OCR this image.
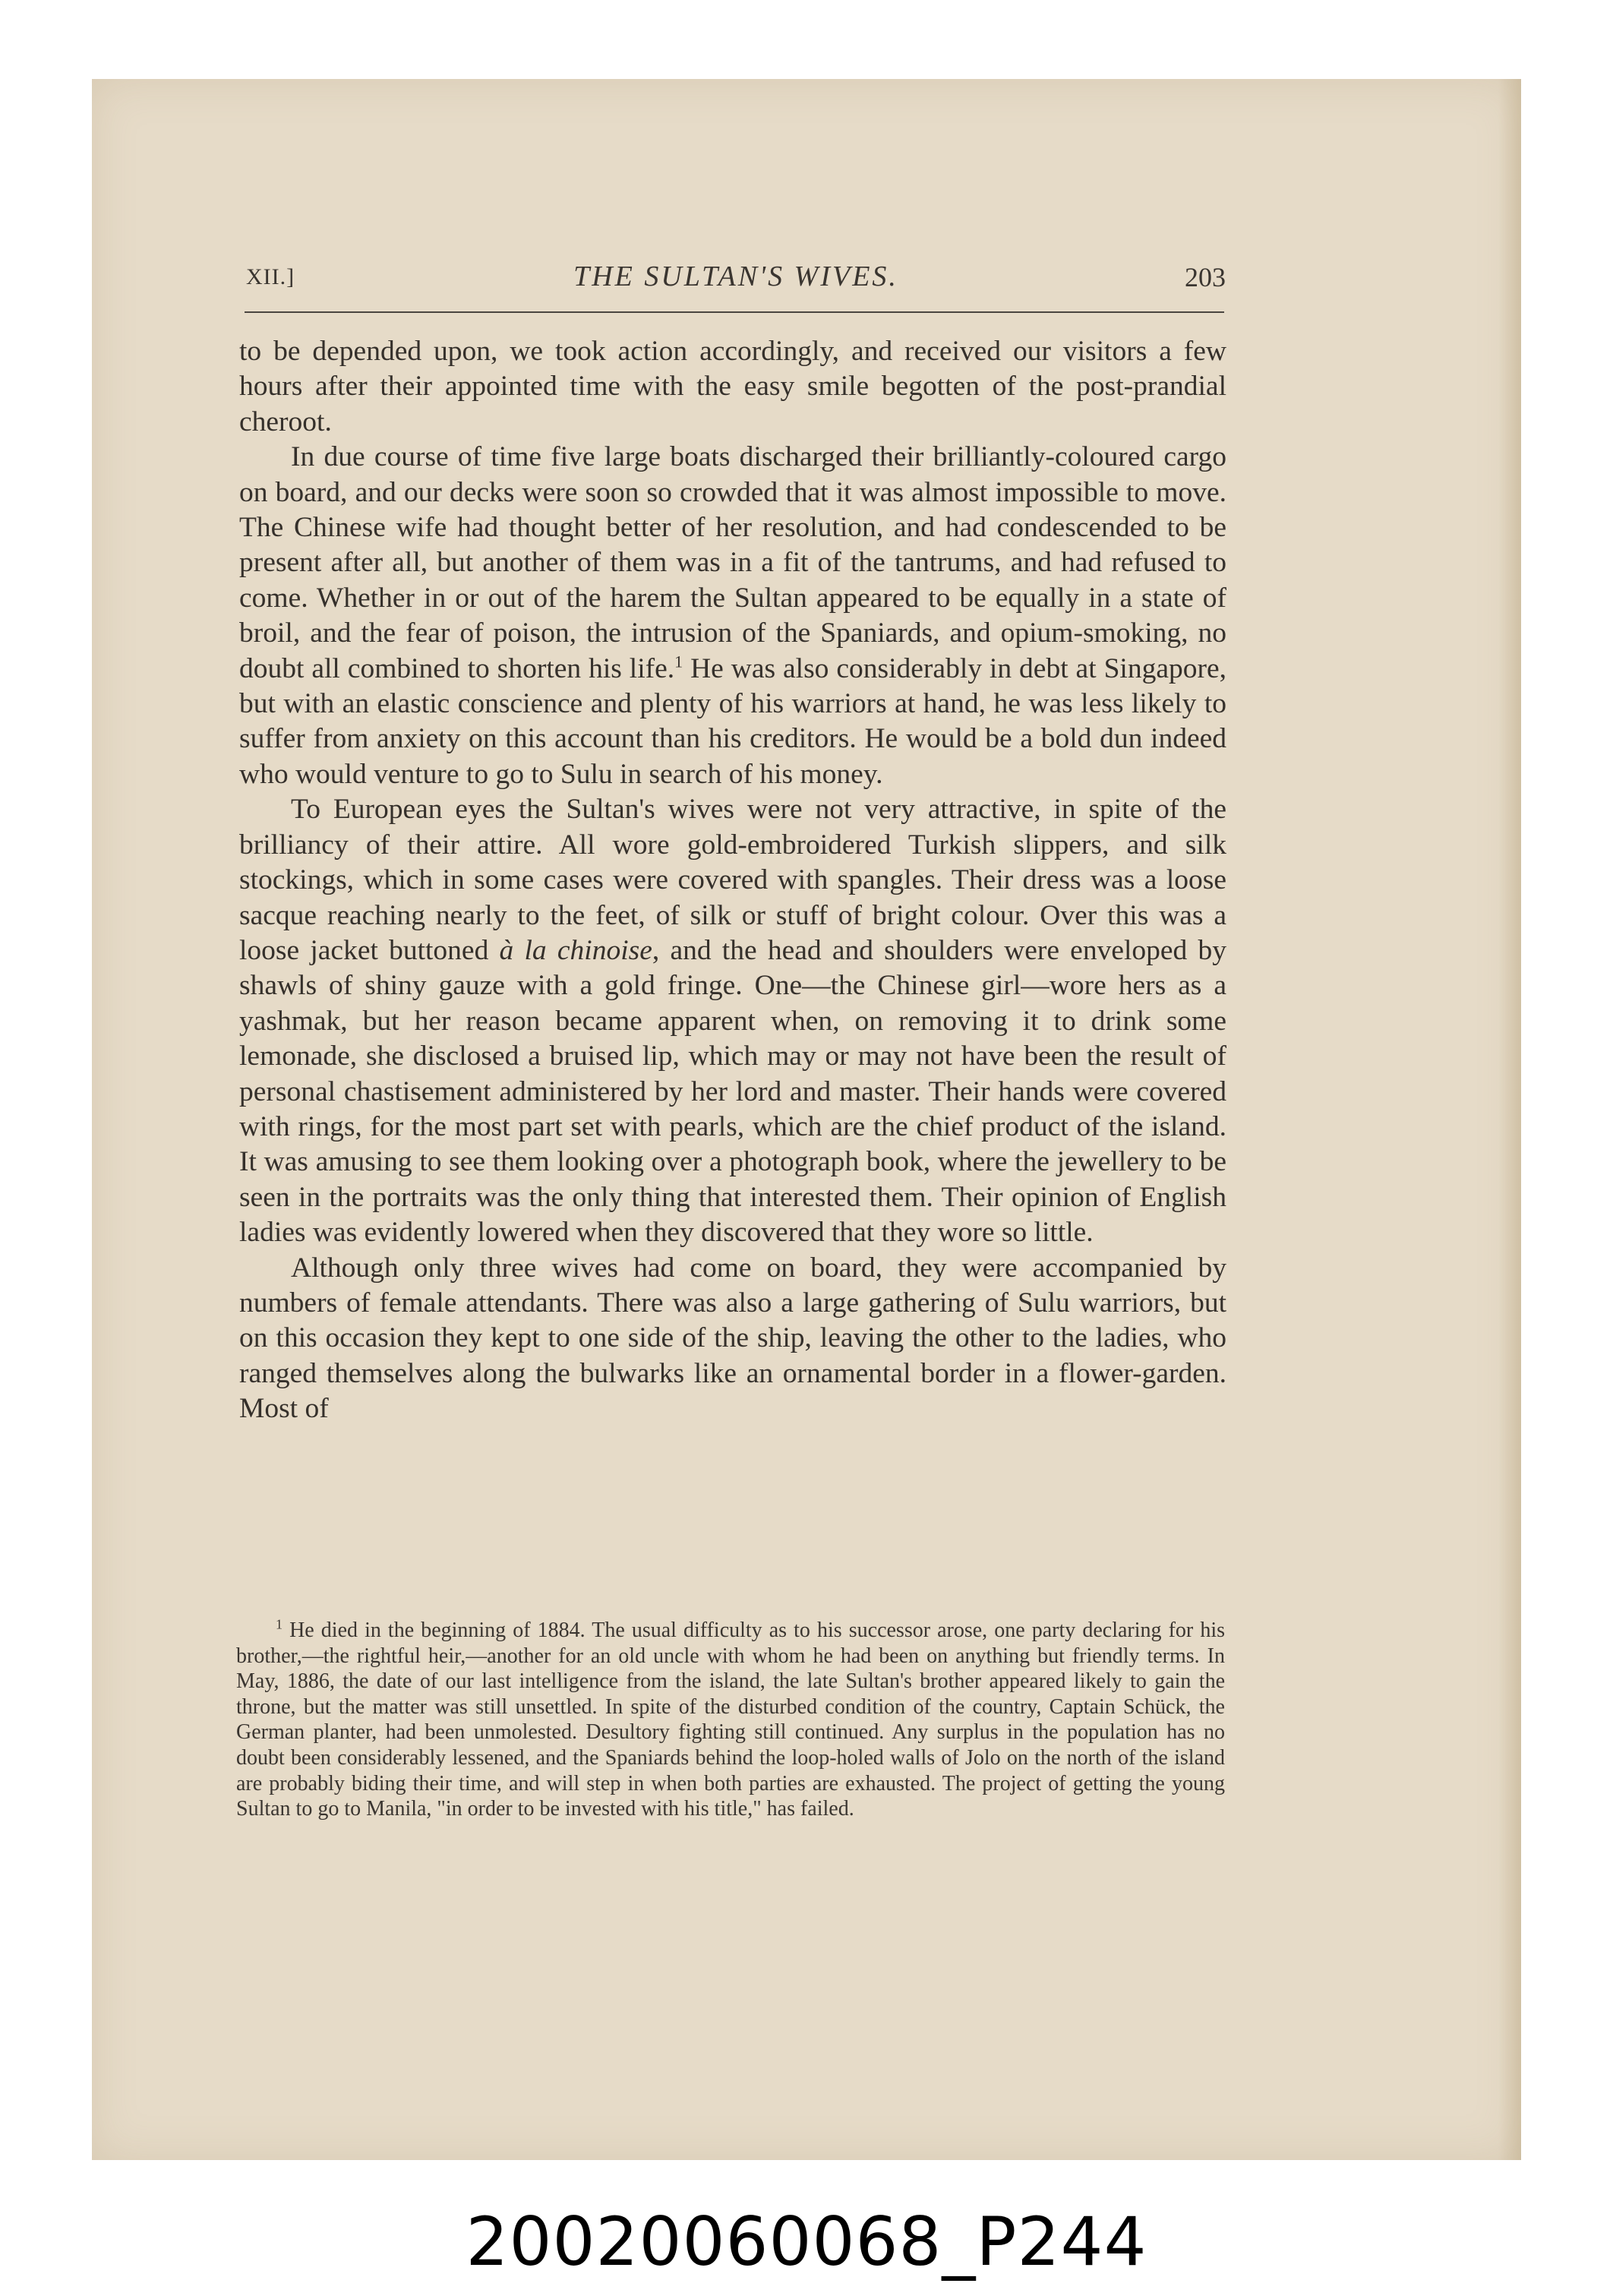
XII.]	THE SULTAN'S WIVES.	203

to be depended upon, we took action accordingly, and received our visitors a few hours after their appointed time with the easy smile begotten of the post-prandial cheroot.

In due course of time five large boats discharged their brilliantly-coloured cargo on board, and our decks were soon so crowded that it was almost impossible to move. The Chinese wife had thought better of her resolution, and had condescended to be present after all, but another of them was in a fit of the tantrums, and had refused to come. Whether in or out of the harem the Sultan appeared to be equally in a state of broil, and the fear of poison, the intrusion of the Spaniards, and opium-smoking, no doubt all combined to shorten his life.$^1$ He was also considerably in debt at Singapore, but with an elastic conscience and plenty of his warriors at hand, he was less likely to suffer from anxiety on this account than his creditors. He would be a bold dun indeed who would venture to go to Sulu in search of his money.

To European eyes the Sultan's wives were not very attractive, in spite of the brilliancy of their attire. All wore gold-embroidered Turkish slippers, and silk stockings, which in some cases were covered with spangles. Their dress was a loose sacque reaching nearly to the feet, of silk or stuff of bright colour. Over this was a loose jacket buttoned à la chinoise, and the head and shoulders were enveloped by shawls of shiny gauze with a gold fringe. One—the Chinese girl—wore hers as a yashmak, but her reason became apparent when, on removing it to drink some lemonade, she disclosed a bruised lip, which may or may not have been the result of personal chastisement administered by her lord and master. Their hands were covered with rings, for the most part set with pearls, which are the chief product of the island. It was amusing to see them looking over a photograph book, where the jewellery to be seen in the portraits was the only thing that interested them. Their opinion of English ladies was evidently lowered when they discovered that they wore so little.

Although only three wives had come on board, they were accompanied by numbers of female attendants. There was also a large gathering of Sulu warriors, but on this occasion they kept to one side of the ship, leaving the other to the ladies, who ranged themselves along the bulwarks like an ornamental border in a flower-garden. Most of

$^1$ He died in the beginning of 1884. The usual difficulty as to his successor arose, one party declaring for his brother,—the rightful heir,—another for an old uncle with whom he had been on anything but friendly terms. In May, 1886, the date of our last intelligence from the island, the late Sultan's brother appeared likely to gain the throne, but the matter was still unsettled. In spite of the disturbed condition of the country, Captain Schück, the German planter, had been unmolested. Desultory fighting still continued. Any surplus in the population has no doubt been considerably lessened, and the Spaniards behind the loop-holed walls of Jolo on the north of the island are probably biding their time, and will step in when both parties are exhausted. The project of getting the young Sultan to go to Manila, "in order to be invested with his title," has failed.

20020060068_P244
